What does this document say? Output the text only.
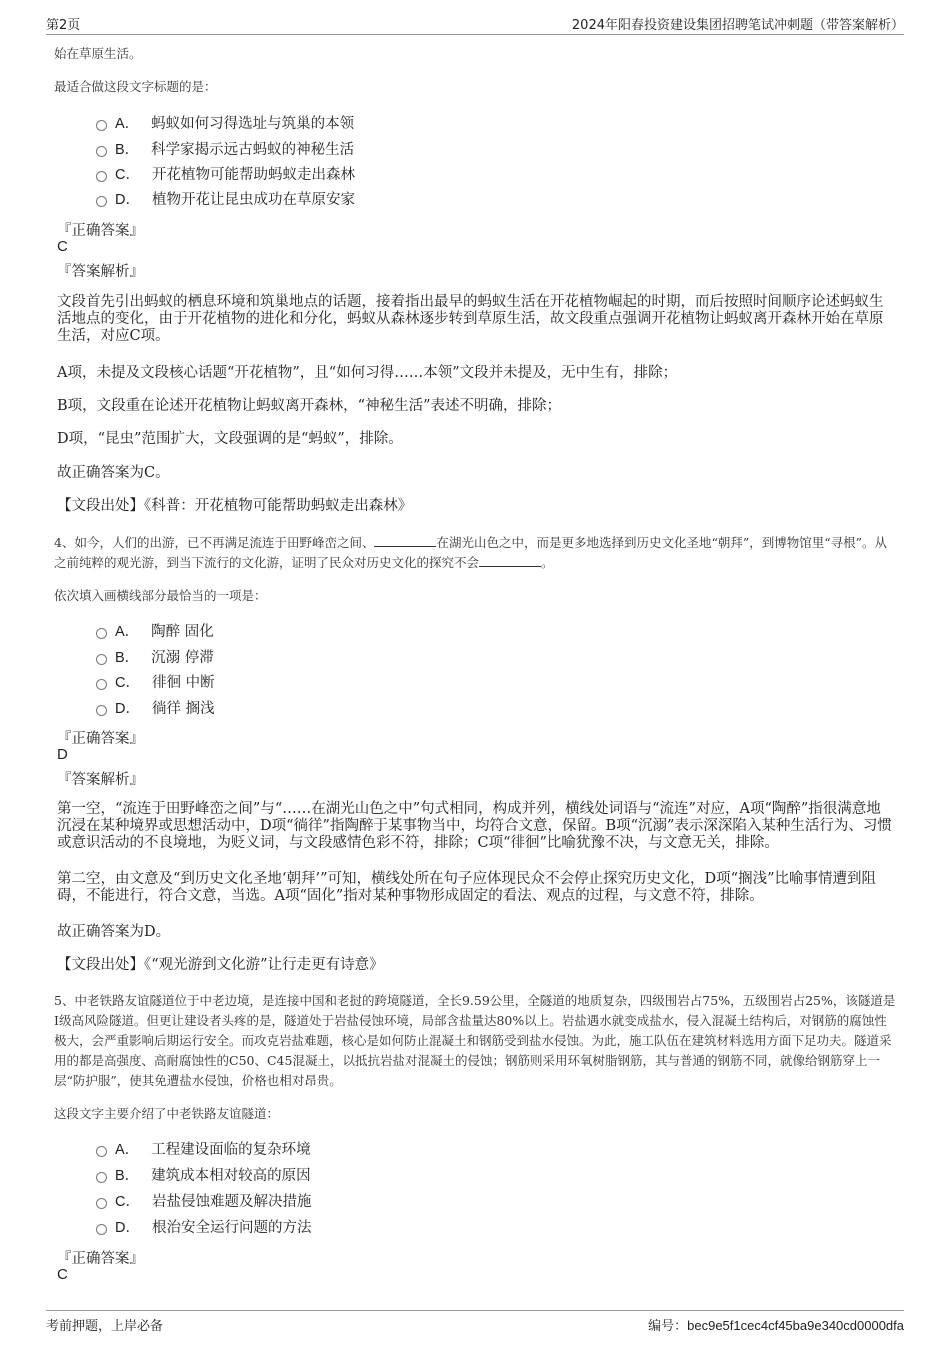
第2页	2024年阳春投资建设集团招聘笔试冲刺题（带答案解析）
始在草原生活。
最适合做这段文字标题的是：
A． 蚂蚁如何习得选址与筑巢的本领
B． 科学家揭示远古蚂蚁的神秘生活
C． 开花植物可能帮助蚂蚁走出森林
D． 植物开花让昆虫成功在草原安家
『正确答案』
C
『答案解析』
文段首先引出蚂蚁的栖息环境和筑巢地点的话题，接着指出最早的蚂蚁生活在开花植物崛起的时期，而后按照时间顺序论述蚂蚁生活地点的变化，由于开花植物的进化和分化，蚂蚁从森林逐步转到草原生活，故文段重点强调开花植物让蚂蚁离开森林开始在草原生活，对应C项。
A项，未提及文段核心话题“开花植物”，且“如何习得……本领”文段并未提及，无中生有，排除；
B项，文段重在论述开花植物让蚂蚁离开森林，“神秘生活”表述不明确，排除；
D项，“昆虫”范围扩大，文段强调的是“蚂蚁”，排除。
故正确答案为C。
【文段出处】《科普：开花植物可能帮助蚂蚁走出森林》
4、如今，人们的出游，已不再满足流连于田野峰峦之间、	在湖光山色之中，而是更多地选择到历史文化圣地“朝拜”，到博物馆里“寻根”。从之前纯粹的观光游，到当下流行的文化游，证明了民众对历史文化的探究不会	。
依次填入画横线部分最恰当的一项是：
A． 陶醉 固化
B． 沉溺 停滞
C． 徘徊 中断
D． 徜徉 搁浅
『正确答案』
D
『答案解析』
第一空，“流连于田野峰峦之间”与“……在湖光山色之中”句式相同，构成并列，横线处词语与“流连”对应，A项“陶醉”指很满意地沉浸在某种境界或思想活动中，D项“徜徉”指陶醉于某事物当中，均符合文意，保留。B项“沉溺”表示深深陷入某种生活行为、习惯或意识活动的不良境地，为贬义词，与文段感情色彩不符，排除；C项“徘徊”比喻犹豫不决，与文意无关，排除。
第二空，由文意及“到历史文化圣地‘朝拜’”可知，横线处所在句子应体现民众不会停止探究历史文化，D项“搁浅”比喻事情遭到阻碍，不能进行，符合文意，当选。A项“固化”指对某种事物形成固定的看法、观点的过程，与文意不符，排除。
故正确答案为D。
【文段出处】《“观光游到文化游”让行走更有诗意》
5、中老铁路友谊隧道位于中老边境，是连接中国和老挝的跨境隧道，全长9.59公里，全隧道的地质复杂，四级围岩占75%，五级围岩占25%，该隧道是I级高风险隧道。但更让建设者头疼的是，隧道处于岩盐侵蚀环境，局部含盐量达80%以上。岩盐遇水就变成盐水，侵入混凝土结构后，对钢筋的腐蚀性极大，会严重影响后期运行安全。而攻克岩盐难题，核心是如何防止混凝土和钢筋受到盐水侵蚀。为此，施工队伍在建筑材料选用方面下足功夫。隧道采用的都是高强度、高耐腐蚀性的C50、C45混凝土，以抵抗岩盐对混凝土的侵蚀；钢筋则采用环氧树脂钢筋，其与普通的钢筋不同，就像给钢筋穿上一层“防护服”，使其免遭盐水侵蚀，价格也相对昂贵。
这段文字主要介绍了中老铁路友谊隧道：
A． 工程建设面临的复杂环境
B． 建筑成本相对较高的原因
C． 岩盐侵蚀难题及解决措施
D． 根治安全运行问题的方法
『正确答案』
C
考前押题，上岸必备	编号：bec9e5f1cec4cf45ba9e340cd0000dfa
